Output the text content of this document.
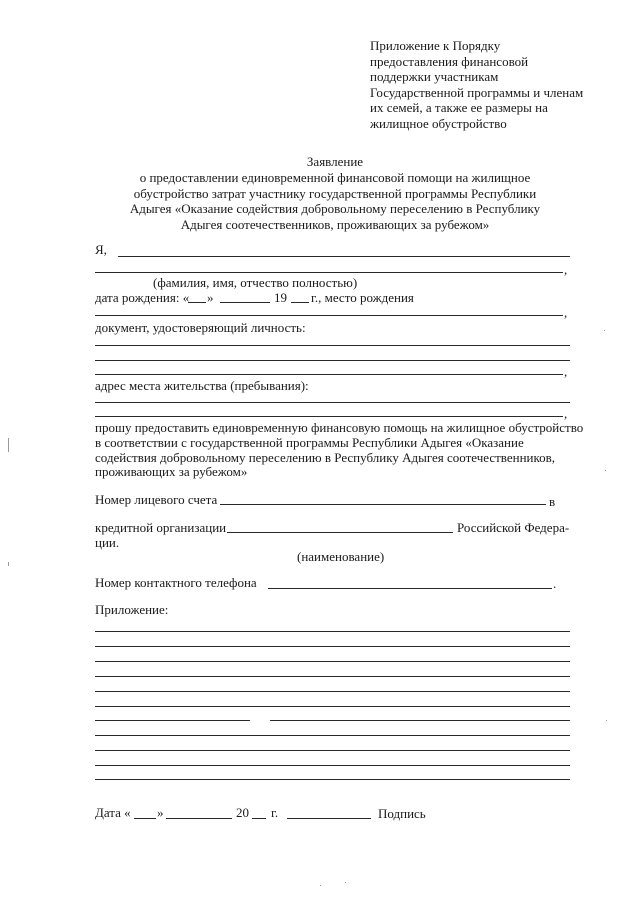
Приложение к Порядку
предоставления финансовой
поддержки участникам
Государственной программы и членам
их семей, а также ее размеры на
жилищное обустройство
Заявление
о предоставлении единовременной финансовой помощи на жилищное
обустройство затрат участнику государственной программы Республики
Адыгея «Оказание содействия добровольному переселению в Республику
Адыгея соотечественников, проживающих за рубежом»
Я,
,
(фамилия, имя, отчество полностью)
дата рождения: « »	19 г., место рождения
,
документ, удостоверяющий личность:
,
адрес места жительства (пребывания):
,
прошу предоставить единовременную финансовую помощь на жилищное обустройство
в соответствии с государственной программы Республики Адыгея «Оказание
содействия добровольному переселению в Республику Адыгея соотечественников,
проживающих за рубежом»
Номер лицевого счета	в
кредитной организации	Российской Федера-
ции.
(наименование)
Номер контактного телефона	.
Приложение:
Дата « »	20 г.	Подпись
